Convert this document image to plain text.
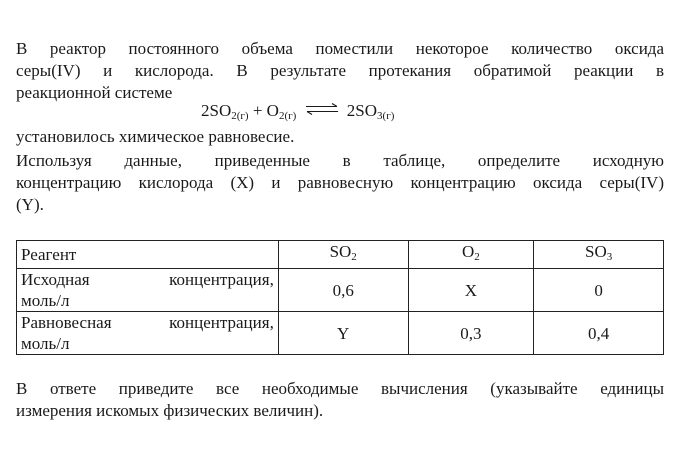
В реактор постоянного объема поместили некоторое количество оксида
серы(IV) и кислорода. В результате протекания обратимой реакции в
реакционной системе
$2SO_{2(г)} + O_{2(г)}$ ⇌ $2SO_{3(г)}$
установилось химическое равновесие.
Используя данные, приведенные в таблице, определите исходную
концентрацию кислорода (X) и равновесную концентрацию оксида серы(IV)
(Y).
Реагент	$SO_2$	$O_2$	$SO_3$

Исходная концентрация,
моль/л	0,6	X	0

Равновесная концентрация,
моль/л	Y	0,3	0,4
В ответе приведите все необходимые вычисления (указывайте единицы
измерения искомых физических величин).
